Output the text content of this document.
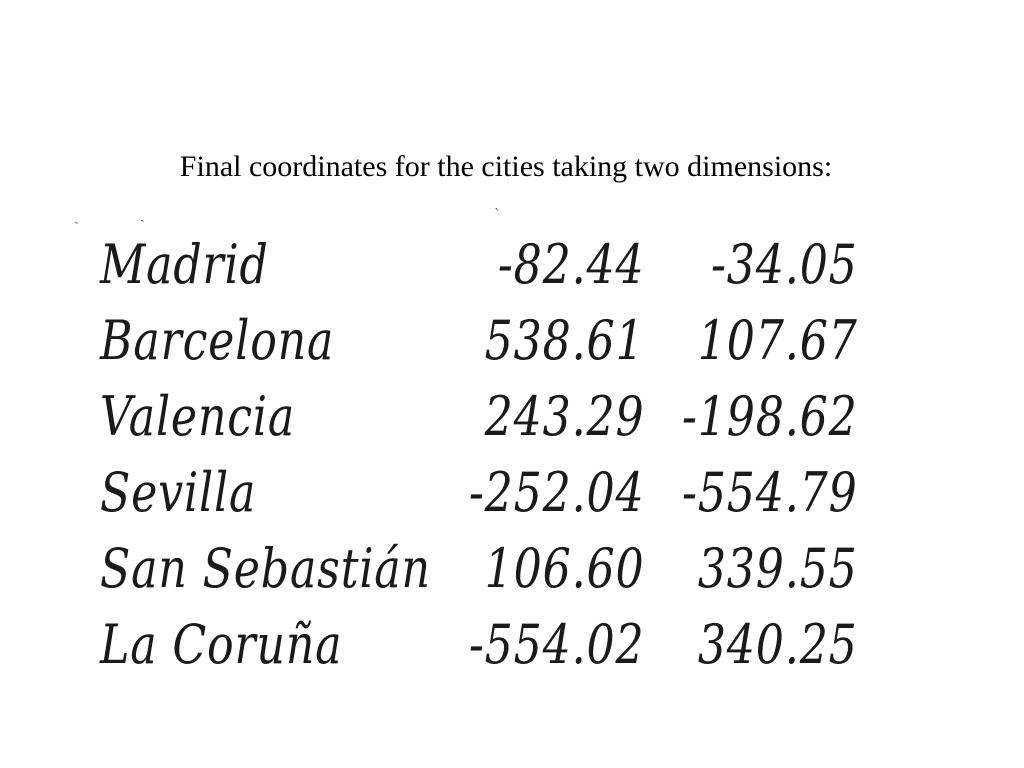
Final coordinates for the cities taking two dimensions:
ˎ	ˏ	ˋ
Madrid	-82.44	-34.05
Barcelona	538.61	107.67
Valencia	243.29	-198.62
Sevilla	-252.04	-554.79
San Sebastián	106.60	339.55
La Coruña	-554.02	340.25
